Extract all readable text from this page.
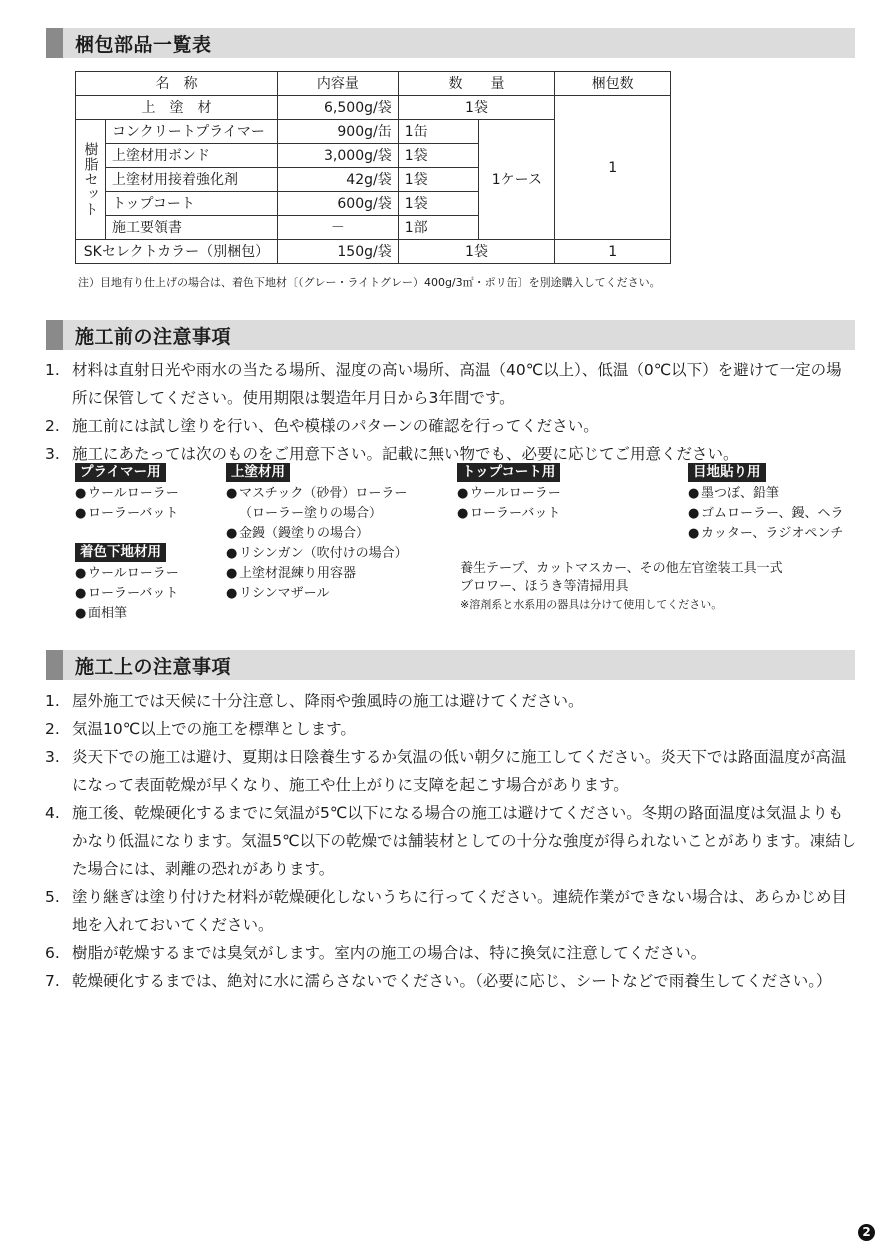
梱包部品一覧表
名　称		内容量	数　　量		梱包数
上　塗　材		6,500g/袋	1袋		1
樹脂セット	コンクリートプライマー	900g/缶	1缶	1ケース	
	上塗材用ボンド	3,000g/袋	1袋		
	上塗材用接着強化剤	42g/袋	1袋		
	トップコート	600g/袋	1袋		
	施工要領書	－	1部		
SKセレクトカラー（別梱包）		150g/袋	1袋		1
注）目地有り仕上げの場合は、着色下地材〔（グレー・ライトグレー）400g/3㎡・ポリ缶〕を別途購入してください。
施工前の注意事項
1. 材料は直射日光や雨水の当たる場所、湿度の高い場所、高温（40℃以上）、低温（0℃以下）を避けて一定の場所に保管してください。使用期限は製造年月日から3年間です。
2. 施工前には試し塗りを行い、色や模様のパターンの確認を行ってください。
3. 施工にあたっては次のものをご用意下さい。記載に無い物でも、必要に応じてご用意ください。
プライマー用
● ウールローラー
● ローラーバット
着色下地材用
● ウールローラー
● ローラーバット
● 面相筆
上塗材用
● マスチック（砂骨）ローラー
（ローラー塗りの場合）
● 金鏝（鏝塗りの場合）
● リシンガン（吹付けの場合）
● 上塗材混練り用容器
● リシンマザール
トップコート用
● ウールローラー
● ローラーバット
目地貼り用
● 墨つぼ、鉛筆
● ゴムローラー、鏝、ヘラ
● カッター、ラジオペンチ
養生テープ、カットマスカー、その他左官塗装工具一式
ブロワー、ほうき等清掃用具
※溶剤系と水系用の器具は分けて使用してください。
施工上の注意事項
1. 屋外施工では天候に十分注意し、降雨や強風時の施工は避けてください。
2. 気温10℃以上での施工を標準とします。
3. 炎天下での施工は避け、夏期は日陰養生するか気温の低い朝夕に施工してください。炎天下では路面温度が高温になって表面乾燥が早くなり、施工や仕上がりに支障を起こす場合があります。
4. 施工後、乾燥硬化するまでに気温が5℃以下になる場合の施工は避けてください。冬期の路面温度は気温よりもかなり低温になります。気温5℃以下の乾燥では舗装材としての十分な強度が得られないことがあります。凍結した場合には、剥離の恐れがあります。
5. 塗り継ぎは塗り付けた材料が乾燥硬化しないうちに行ってください。連続作業ができない場合は、あらかじめ目地を入れておいてください。
6. 樹脂が乾燥するまでは臭気がします。室内の施工の場合は、特に換気に注意してください。
7. 乾燥硬化するまでは、絶対に水に濡らさないでください。（必要に応じ、シートなどで雨養生してください。）
2
